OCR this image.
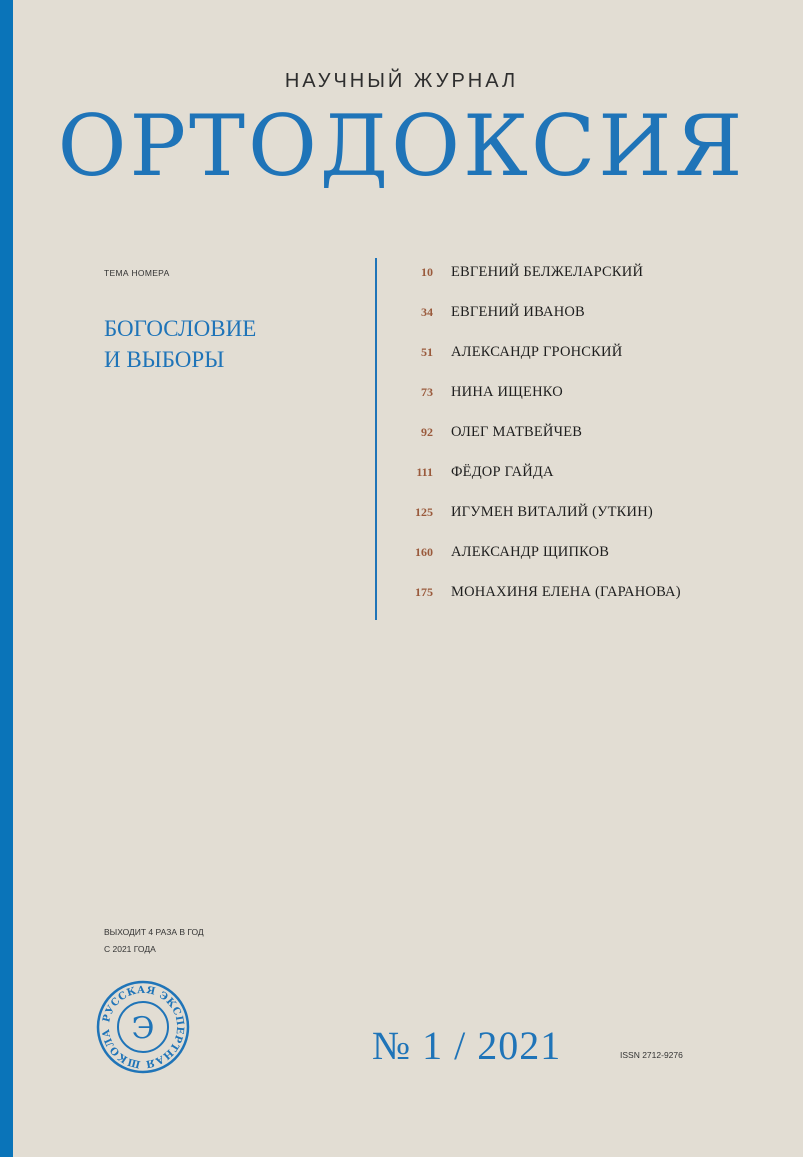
НАУЧНЫЙ ЖУРНАЛ
ОРТОДОКСИЯ
ТЕМА НОМЕРА
БОГОСЛОВИЕ
И ВЫБОРЫ
10 ЕВГЕНИЙ БЕЛЖЕЛАРСКИЙ
34 ЕВГЕНИЙ ИВАНОВ
51 АЛЕКСАНДР ГРОНСКИЙ
73 НИНА ИЩЕНКО
92 ОЛЕГ МАТВЕЙЧЕВ
111 ФЁДОР ГАЙДА
125 ИГУМЕН ВИТАЛИЙ (УТКИН)
160 АЛЕКСАНДР ЩИПКОВ
175 МОНАХИНЯ ЕЛЕНА (ГАРАНОВА)
ВЫХОДИТ 4 РАЗА В ГОД
С 2021 ГОДА
РУССКАЯ ЭКСПЕРТНАЯ ШКОЛА Э	№ 1 / 2021	ISSN 2712-9276
